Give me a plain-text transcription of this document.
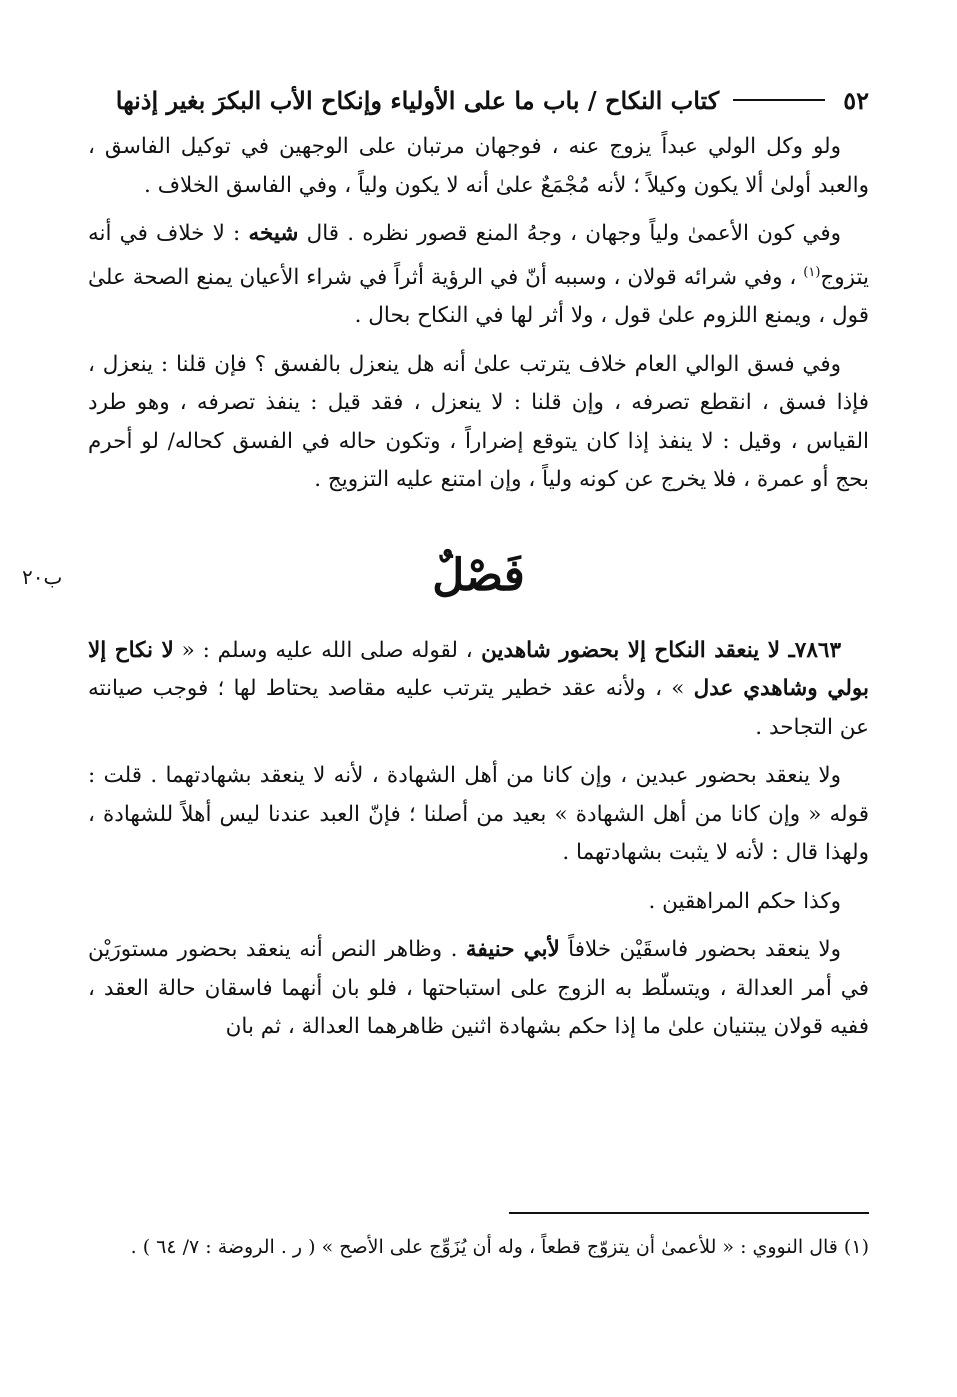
٥٢
كتاب النكاح / باب ما على الأولياء وإنكاح الأب البكرَ بغير إذنها
ب٢٠

ولو وكل الولي عبداً يزوج عنه ، فوجهان مرتبان على الوجهين في توكيل الفاسق ، والعبد أولىٰ ألا يكون وكيلاً ؛ لأنه مُجْمَعٌ علىٰ أنه لا يكون ولياً ، وفي الفاسق الخلاف .

وفي كون الأعمىٰ ولياً وجهان ، وجهُ المنع قصور نظره . قال شيخه : لا خلاف في أنه يتزوج$^{(١)}$ ، وفي شرائه قولان ، وسببه أنّ في الرؤية أثراً في شراء الأعيان يمنع الصحة علىٰ قول ، ويمنع اللزوم علىٰ قول ، ولا أثر لها في النكاح بحال .

وفي فسق الوالي العام خلاف يترتب علىٰ أنه هل ينعزل بالفسق ؟ فإن قلنا : ينعزل ، فإذا فسق ، انقطع تصرفه ، وإن قلنا : لا ينعزل ، فقد قيل : ينفذ تصرفه ، وهو طرد القياس ، وقيل : لا ينفذ إذا كان يتوقع إضراراً ، وتكون حاله في الفسق كحاله/ لو أحرم بحج أو عمرة ، فلا يخرج عن كونه ولياً ، وإن امتنع عليه التزويج .

فَصْلٌ

٧٨٦٣ـ لا ينعقد النكاح إلا بحضور شاهدين ، لقوله صلى الله عليه وسلم : « لا نكاح إلا بولي وشاهدي عدل » ، ولأنه عقد خطير يترتب عليه مقاصد يحتاط لها ؛ فوجب صيانته عن التجاحد .

ولا ينعقد بحضور عبدين ، وإن كانا من أهل الشهادة ، لأنه لا ينعقد بشهادتهما . قلت : قوله « وإن كانا من أهل الشهادة » بعيد من أصلنا ؛ فإنّ العبد عندنا ليس أهلاً للشهادة ، ولهذا قال : لأنه لا يثبت بشهادتهما .

وكذا حكم المراهقين .

ولا ينعقد بحضور فاسقَيْن خلافاً لأبي حنيفة . وظاهر النص أنه ينعقد بحضور مستورَيْن في أمر العدالة ، ويتسلّط به الزوج على استباحتها ، فلو بان أنهما فاسقان حالة العقد ، ففيه قولان يبتنيان علىٰ ما إذا حكم بشهادة اثنين ظاهرهما العدالة ، ثم بان

(١) قال النووي : « للأعمىٰ أن يتزوّج قطعاً ، وله أن يُزَوِّج على الأصح » ( ر . الروضة : ٧/ ٦٤ ) .
